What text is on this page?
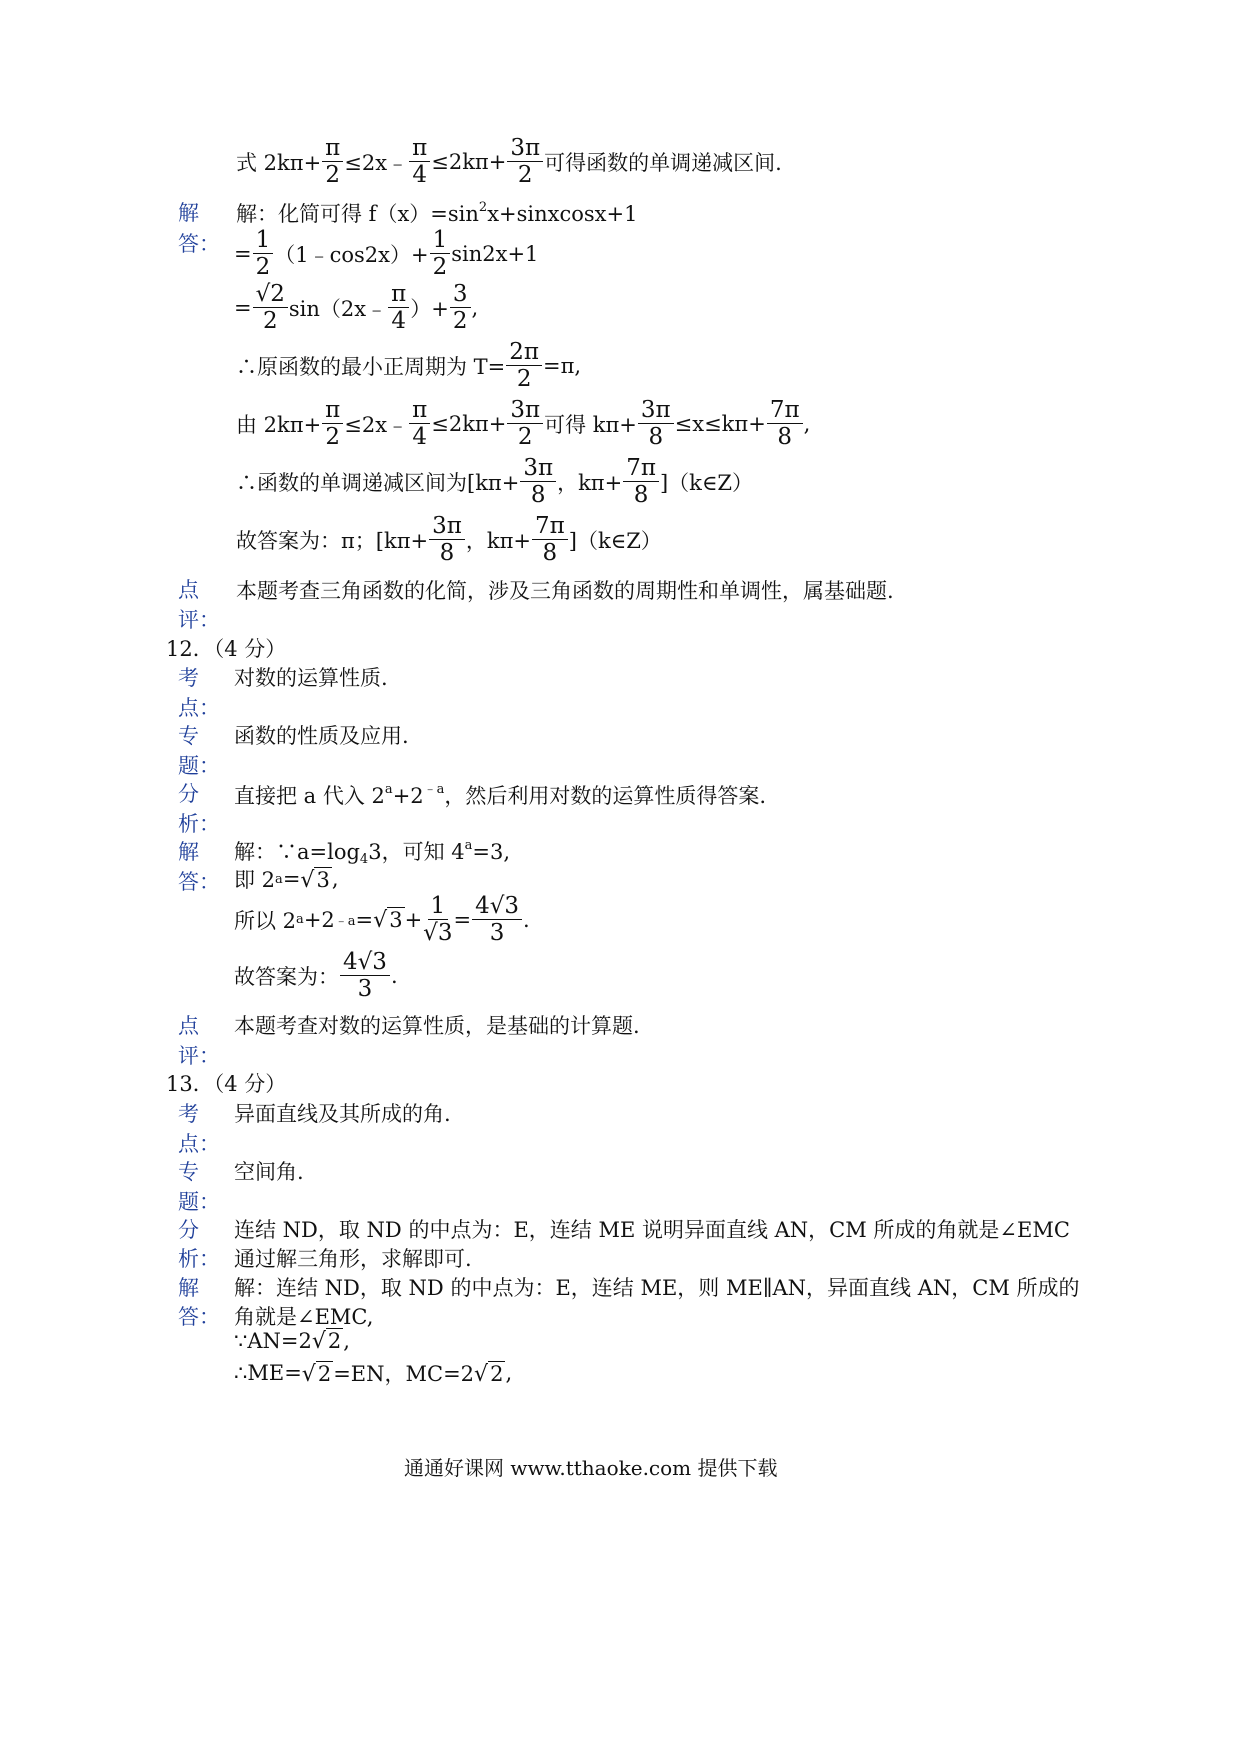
式 $2k\pi+ \frac{\pi}{2}$ ≤2x﹣ $\frac{\pi}{4} \le 2k\pi+ \frac{3\pi}{2}$ 可得函数的单调递减区间.
解
答：
解：化简可得 $f(x)=\sin^2x+sinxcosx+1$
= $\frac{1}{2}$ （1﹣cos2x）+ $\frac{1}{2} \sin 2x+1$
= $\frac{√2}{2}$ sin（2x﹣ $\frac{\pi}{4}$ ）+ $\frac{3}{2}$ ,
∴原函数的最小正周期为 $T= \frac{2\pi}{2} =\pi$,
由 $2k\pi+ \frac{\pi}{2}$ ≤2x﹣ $\frac{\pi}{4} \le 2k\pi+ \frac{3\pi}{2}$ 可得 $k\pi+ \frac{3\pi}{8} \le x\le k\pi+ \frac{7\pi}{8}$ ,
∴函数的单调递减区间为[$k\pi+ \frac{3\pi}{8}$ ，$k\pi+ \frac{7\pi}{8}$ ]（k∈Z）
故答案为：π；[$k\pi+ \frac{3\pi}{8}$ ，$k\pi+ \frac{7\pi}{8}$ ]（k∈Z）
点
评：
本题考查三角函数的化简，涉及三角函数的周期性和单调性，属基础题.
12．（4 分）
考
点：
对数的运算性质.
专
题：
函数的性质及应用.
分
析：
直接把 a 代入 $2^a+2^{﹣a}$，然后利用对数的运算性质得答案.
解
答：
解：$\because a=\log_43$，可知 $4^a=3$,
即 2 a = √ 3 ,
所以 2 a +2 ﹣a = √ $3 + \frac{1}{√3} = \frac{4√3}{3}$ .
故答案为： $\frac{4√3}{3}$ .
点
评：
本题考查对数的运算性质，是基础的计算题.
13．（4 分）
考
点：
异面直线及其所成的角.
专
题：
空间角.
分
析：
连结 ND，取 ND 的中点为：E，连结 ME 说明异面直线 AN，CM 所成的角就是∠EMC
通过解三角形，求解即可.
解
答：
解：连结 ND，取 ND 的中点为：E，连结 ME，则 ME∥AN，异面直线 AN，CM 所成的
角就是∠EMC,
∵AN=2 √ 2 ,
∴ME= √ 2 =EN，MC=2 √ 2 ,
通通好课网 www.tthaoke.com 提供下载
